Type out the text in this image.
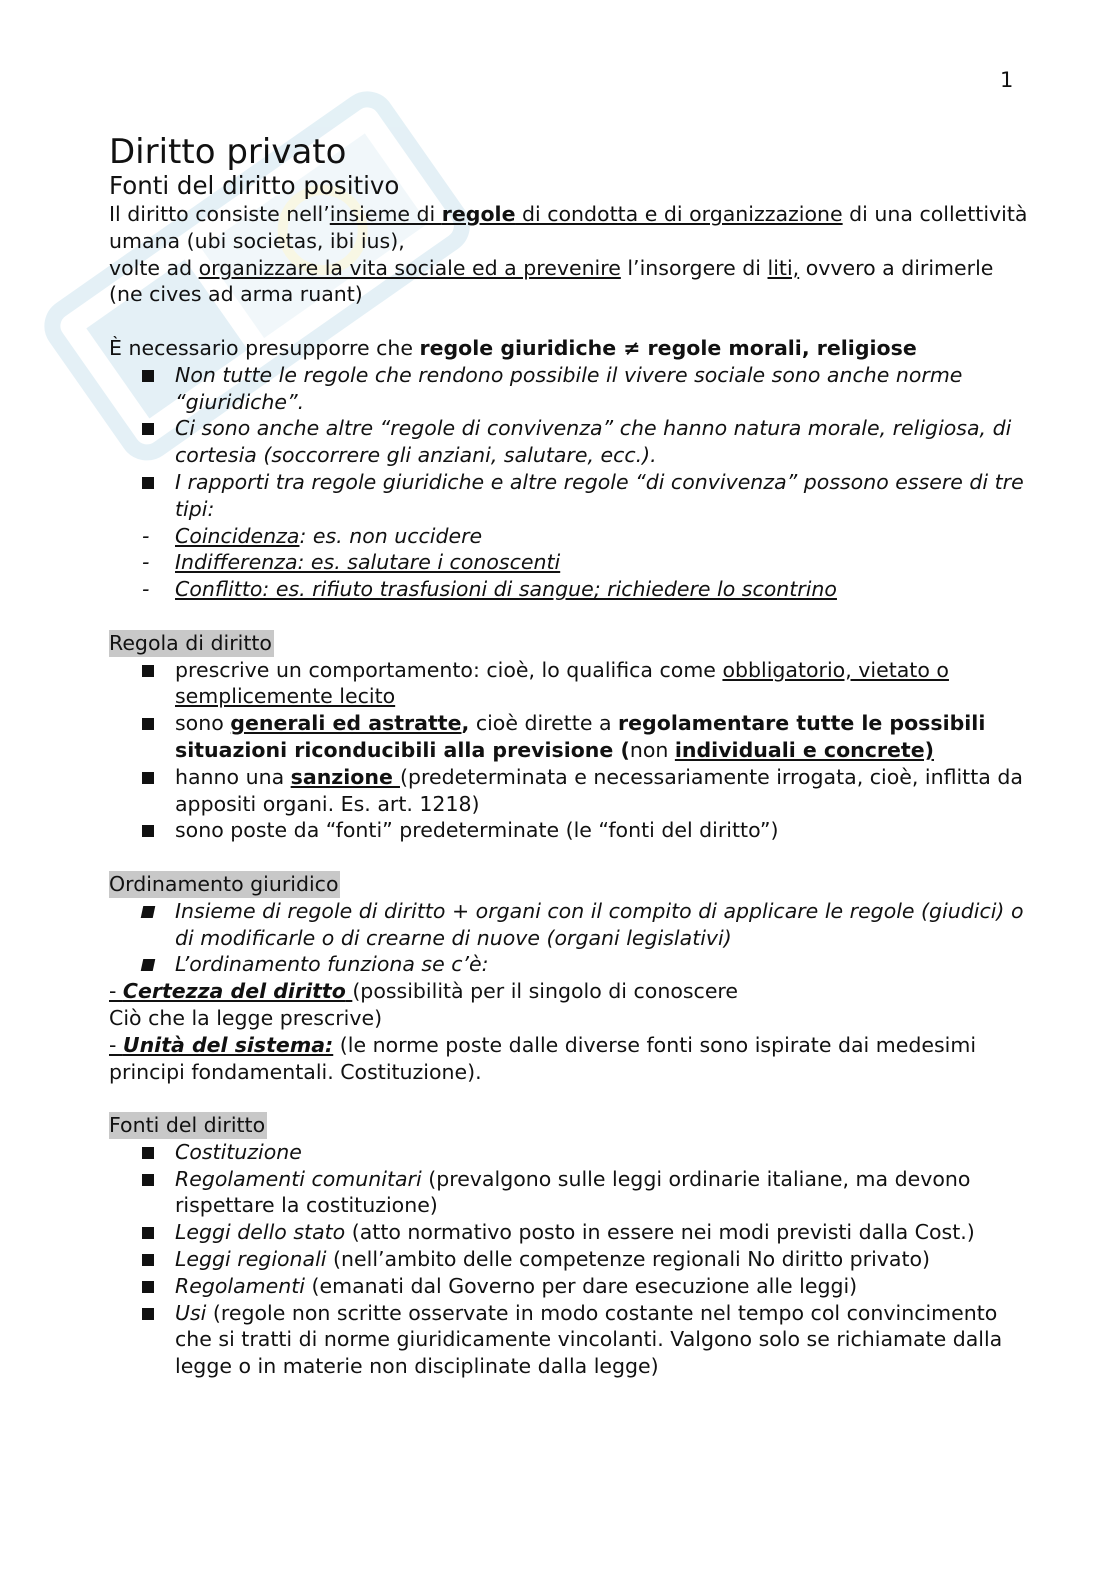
1
Diritto privato
Fonti del diritto positivo

Il diritto consiste nell’insieme di regole di condotta e di organizzazione di una collettività umana (ubi societas, ibi ius),

volte ad organizzare la vita sociale ed a prevenire l’insorgere di liti, ovvero a dirimerle

(ne cives ad arma ruant)

È necessario presupporre che regole giuridiche ≠ regole morali, religiose

Non tutte le regole che rendono possibile il vivere sociale sono anche norme “giuridiche”.
Ci sono anche altre “regole di convivenza” che hanno natura morale, religiosa, di cortesia (soccorrere gli anziani, salutare, ecc.).
I rapporti tra regole giuridiche e altre regole “di convivenza” possono essere di tre tipi:
- Coincidenza: es. non uccidere
- Indifferenza: es. salutare i conoscenti
- Conflitto: es. rifiuto trasfusioni di sangue; richiedere lo scontrino

Regola di diritto

prescrive un comportamento: cioè, lo qualifica come obbligatorio, vietato o semplicemente lecito
sono generali ed astratte, cioè dirette a regolamentare tutte le possibili situazioni riconducibili alla previsione (non individuali e concrete)
hanno una sanzione (predeterminata e necessariamente irrogata, cioè, inflitta da appositi organi. Es. art. 1218)
sono poste da “fonti” predeterminate (le “fonti del diritto”)

Ordinamento giuridico

Insieme di regole di diritto + organi con il compito di applicare le regole (giudici) o di modificarle o di crearne di nuove (organi legislativi)
L’ordinamento funziona se c’è:

- Certezza del diritto (possibilità per il singolo di conoscere

Ciò che la legge prescrive)

- Unità del sistema: (le norme poste dalle diverse fonti sono ispirate dai medesimi principi fondamentali. Costituzione).

Fonti del diritto

Costituzione
Regolamenti comunitari (prevalgono sulle leggi ordinarie italiane, ma devono rispettare la costituzione)
Leggi dello stato (atto normativo posto in essere nei modi previsti dalla Cost.)
Leggi regionali (nell’ambito delle competenze regionali No diritto privato)
Regolamenti (emanati dal Governo per dare esecuzione alle leggi)
Usi (regole non scritte osservate in modo costante nel tempo col convincimento che si tratti di norme giuridicamente vincolanti. Valgono solo se richiamate dalla legge o in materie non disciplinate dalla legge)
